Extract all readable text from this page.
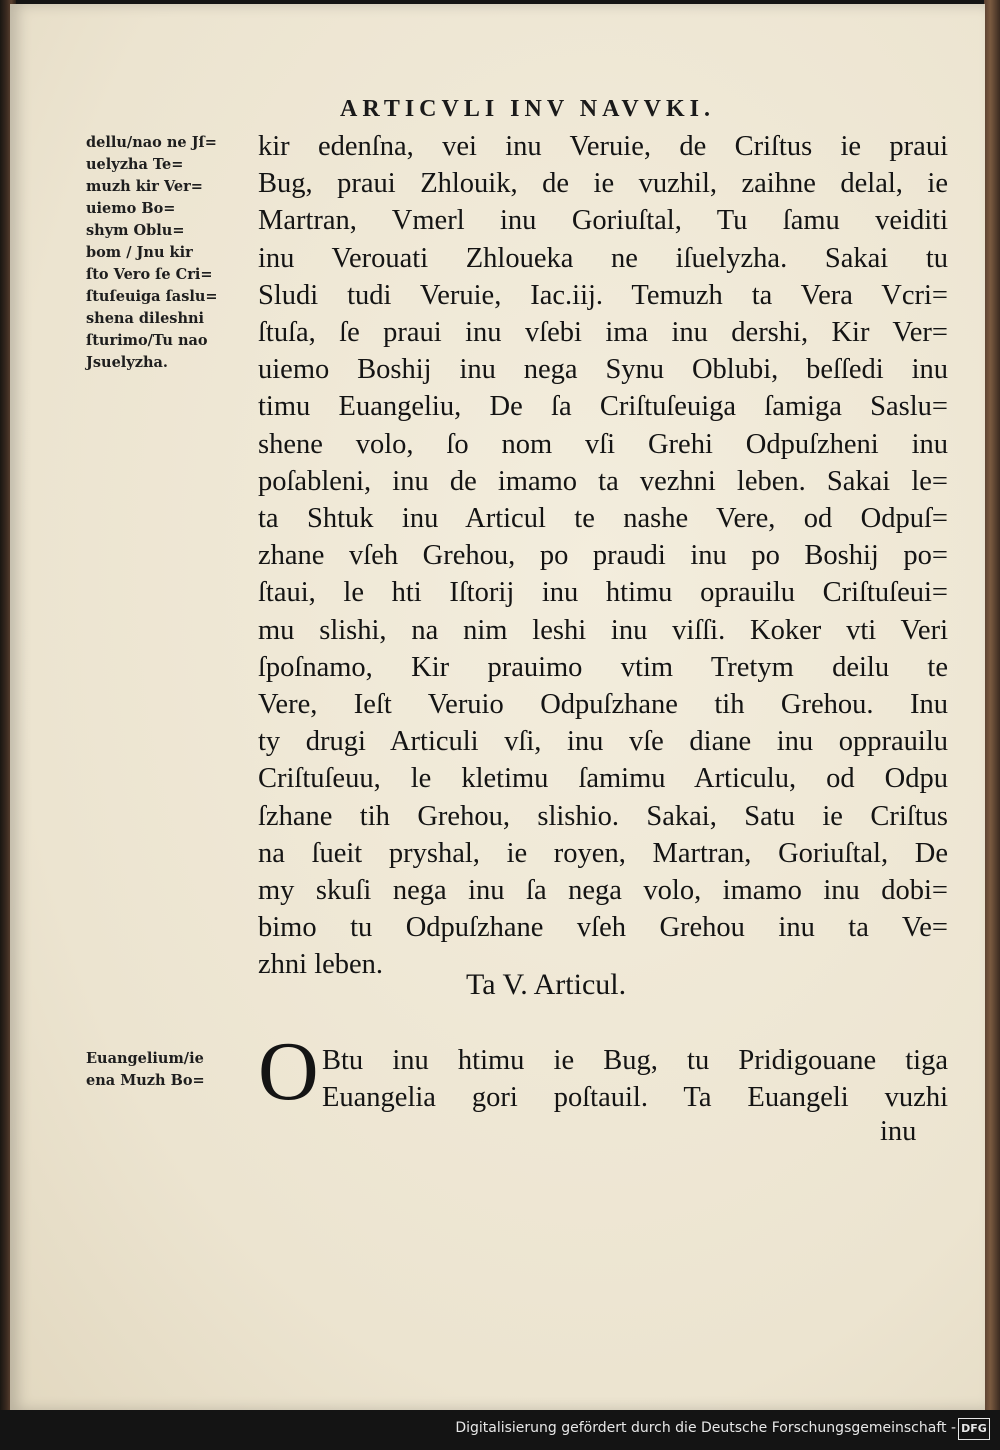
ARTICVLI INV NAVVKI.
dellu/nao ne Jſ=
uelyzha Te=
muzh kir Ver=
uiemo Bo=
shym Oblu=
bom / Jnu kir
ſto Vero ſe Cri=
ſtuſeuiga ſaslu=
shena dileshni
ſturimo/Tu nao
Jsuelyzha.
kir edenſna, vei inu Veruie, de Criſtus ie praui
Bug, praui Zhlouik, de ie vuzhil, zaihne delal, ie
Martran, Vmerl inu Goriuſtal, Tu ſamu veiditi
inu Verouati Zhloueka ne iſuelyzha. Sakai tu
Sludi tudi Veruie, Iac.iij. Temuzh ta Vera Vcri=
ſtuſa, ſe praui inu vſebi ima inu dershi, Kir Ver=
uiemo Boshij inu nega Synu Oblubi, beſſedi inu
timu Euangeliu, De ſa Criſtuſeuiga ſamiga Saslu=
shene volo, ſo nom vſi Grehi Odpuſzheni inu
poſableni, inu de imamo ta vezhni leben. Sakai le=
ta Shtuk inu Articul te nashe Vere, od Odpuſ=
zhane vſeh Grehou, po praudi inu po Boshij po=
ſtaui, le hti Iſtorij inu htimu oprauilu Criſtuſeui=
mu slishi, na nim leshi inu viſſi. Koker vti Veri
ſpoſnamo, Kir prauimo vtim Tretym deilu te
Vere, Ieſt Veruio Odpuſzhane tih Grehou. Inu
ty drugi Articuli vſi, inu vſe diane inu opprauilu
Criſtuſeuu, le kletimu ſamimu Articulu, od Odpu
ſzhane tih Grehou, slishio. Sakai, Satu ie Criſtus
na ſueit pryshal, ie royen, Martran, Goriuſtal, De
my skuſi nega inu ſa nega volo, imamo inu dobi=
bimo tu Odpuſzhane vſeh Grehou inu ta Ve=
zhni leben.
Ta V. Articul.
Euangelium/ie
ena Muzh Bo= O Btu inu htimu ie Bug, tu Pridigouane tiga
Euangelia gori poſtauil. Ta Euangeli vuzhi
inu
Digitalisierung gefördert durch die Deutsche Forschungsgemeinschaft - DFG
